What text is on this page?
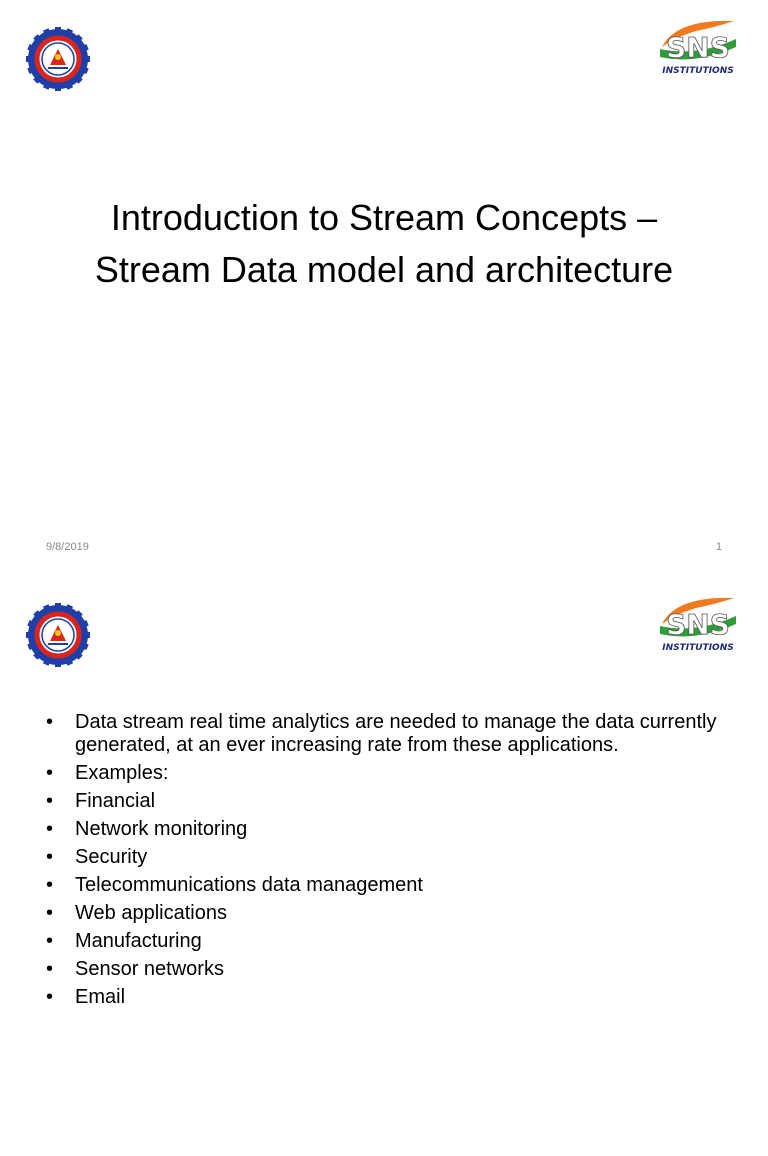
SNS
INSTITUTIONS
Introduction to Stream Concepts –
Stream Data model and architecture
9/8/2019	1
SNS
INSTITUTIONS
• Data stream real time analytics are needed to manage the data currently generated, at an ever increasing rate from these applications.
• Examples:
• Financial
• Network monitoring
• Security
• Telecommunications data management
• Web applications
• Manufacturing
• Sensor networks
• Email
